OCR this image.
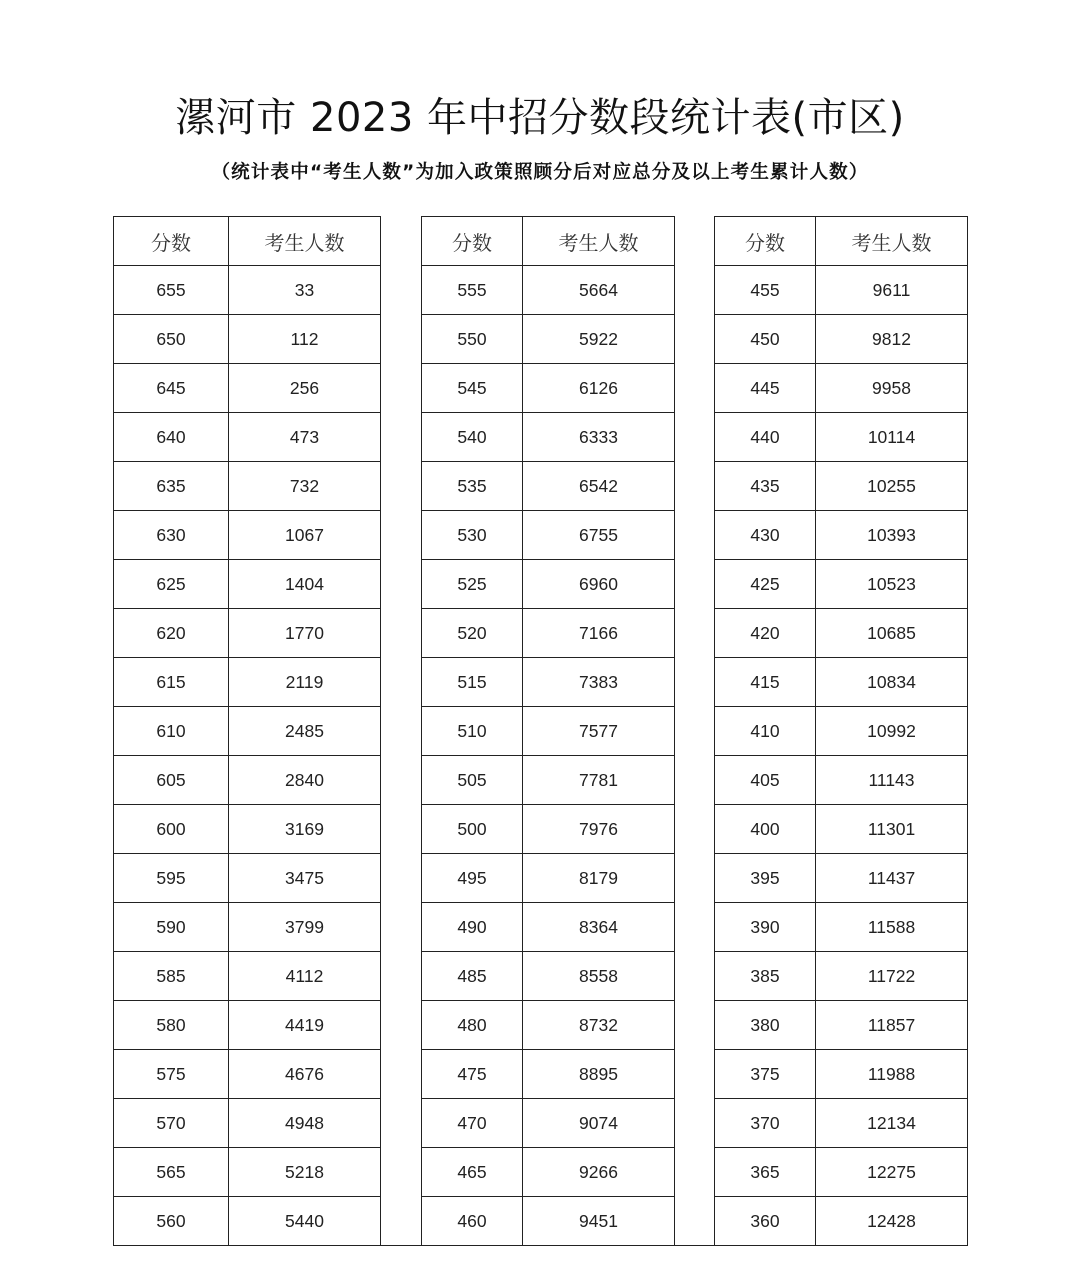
漯河市 2023 年中招分数段统计表(市区)
（统计表中“考生人数”为加入政策照顾分后对应总分及以上考生累计人数）
分数	考生人数		分数	考生人数		分数	考生人数
655	33		555	5664		455	9611
650	112		550	5922		450	9812
645	256		545	6126		445	9958
640	473		540	6333		440	10114
635	732		535	6542		435	10255
630	1067		530	6755		430	10393
625	1404		525	6960		425	10523
620	1770		520	7166		420	10685
615	2119		515	7383		415	10834
610	2485		510	7577		410	10992
605	2840		505	7781		405	11143
600	3169		500	7976		400	11301
595	3475		495	8179		395	11437
590	3799		490	8364		390	11588
585	4112		485	8558		385	11722
580	4419		480	8732		380	11857
575	4676		475	8895		375	11988
570	4948		470	9074		370	12134
565	5218		465	9266		365	12275
560	5440		460	9451		360	12428
